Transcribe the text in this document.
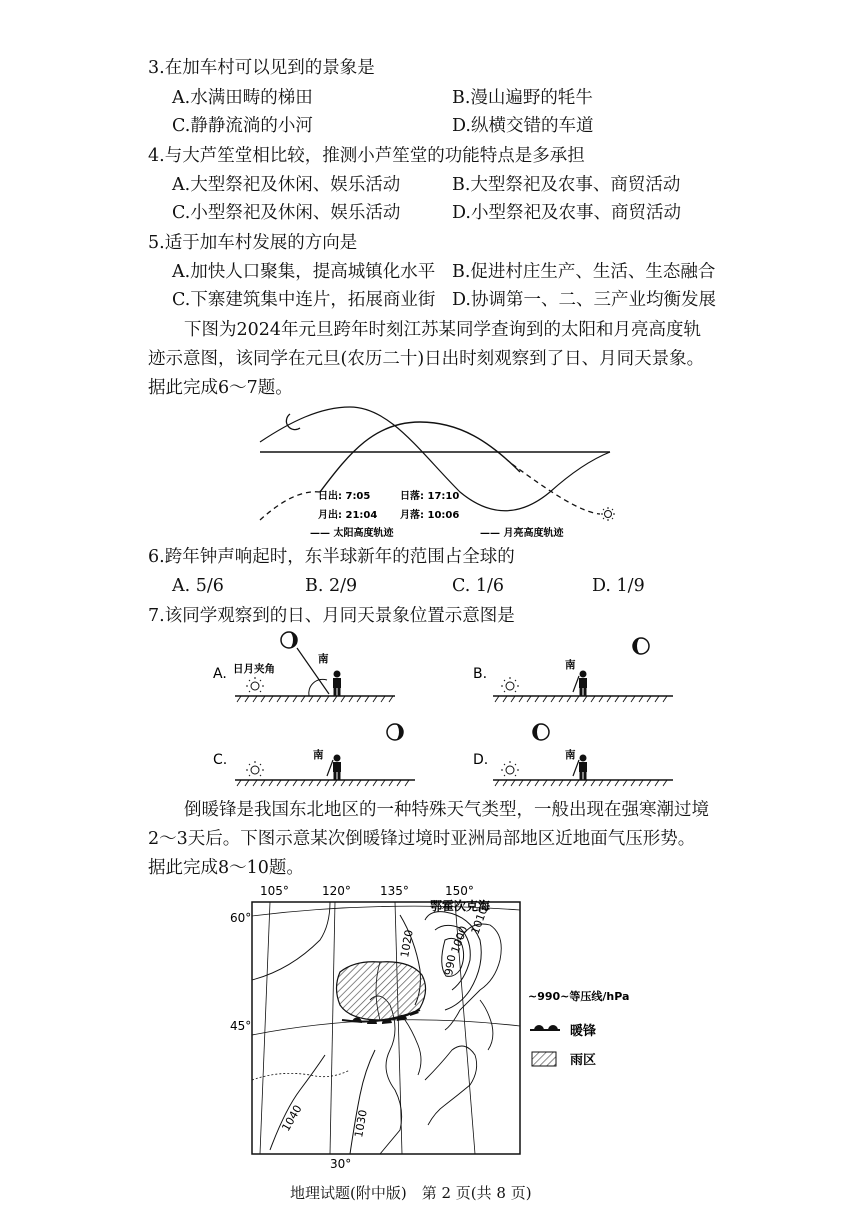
3.在加车村可以见到的景象是
A.水满田畴的梯田	B.漫山遍野的牦牛
C.静静流淌的小河	D.纵横交错的车道
4.与大芦笙堂相比较，推测小芦笙堂的功能特点是多承担
A.大型祭祀及休闲、娱乐活动	B.大型祭祀及农事、商贸活动
C.小型祭祀及休闲、娱乐活动	D.小型祭祀及农事、商贸活动
5.适于加车村发展的方向是
A.加快人口聚集，提高城镇化水平 B.促进村庄生产、生活、生态融合
C.下寨建筑集中连片，拓展商业街 D.协调第一、二、三产业均衡发展
下图为2024年元旦跨年时刻江苏某同学查询到的太阳和月亮高度轨
迹示意图，该同学在元旦(农历二十)日出时刻观察到了日、月同天景象。
据此完成6～7题。
日出: 7:05	日落: 17:10
月出: 21:04 月落: 10:06
—— 太阳高度轨迹	—— 月亮高度轨迹
6.跨年钟声响起时，东半球新年的范围占全球的
A. 5/6	B. 2/9	C. 1/6	D. 1/9
7.该同学观察到的日、月同天景象位置示意图是
A. 日月夹角
南
B.
南
C.	南	D.	南
倒暖锋是我国东北地区的一种特殊天气类型，一般出现在强寒潮过境
2～3天后。下图示意某次倒暖锋过境时亚洲局部地区近地面气压形势。
据此完成8～10题。
105°	120° 135°	150°
60°
45°
30°
鄂霍次克海
1010
1000
990
1020
1040	1030
~990~等压线/hPa
暖锋
雨区
地理试题(附中版)　第 2 页(共 8 页)
